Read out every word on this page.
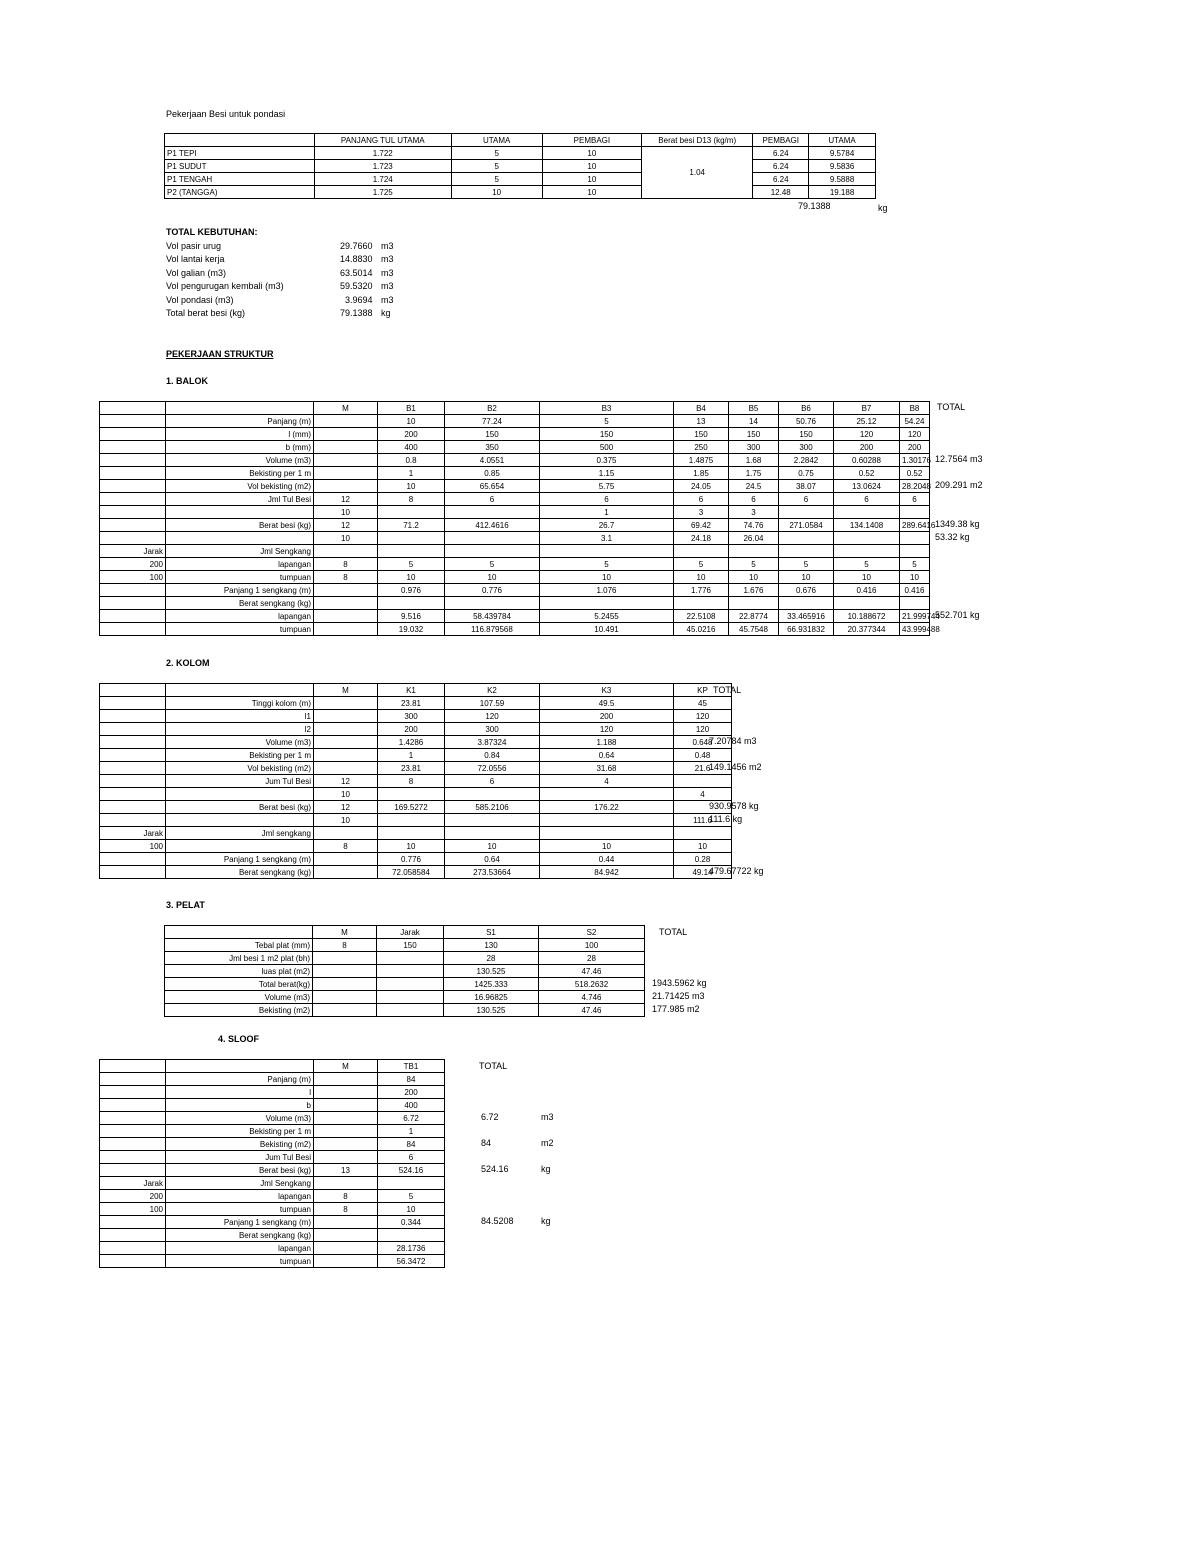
Pekerjaan Besi untuk pondasi
	PANJANG TUL UTAMA	UTAMA	PEMBAGI	Berat besi D13 (kg/m)	PEMBAGI	UTAMA
P1 TEPI	1.722	5	10	1.04	6.24	9.5784
P1 SUDUT	1.723	5	10		6.24	9.5836
P1 TENGAH	1.724	5	10		6.24	9.5888
P2 (TANGGA)	1.725	10	10		12.48	19.188
79.1388	kg
TOTAL KEBUTUHAN:
Vol pasir urug	29.7660 m3
Vol lantai kerja	14.8830 m3
Vol galian (m3)	63.5014 m3
Vol pengurugan kembali (m3)	59.5320 m3
Vol pondasi (m3)	3.9694 m3
Total berat besi (kg)	79.1388 kg
PEKERJAAN STRUKTUR
1. BALOK
		M	B1	B2	B3	B4	B5	B6	B7	B8
	Panjang (m)		10	77.24	5	13	14	50.76	25.12	54.24
	l (mm)		200	150	150	150	150	150	120	120
	b (mm)		400	350	500	250	300	300	200	200
	Volume (m3)		0.8	4.0551	0.375	1.4875	1.68	2.2842	0.60288	1.30176
	Bekisting per 1 m		1	0.85	1.15	1.85	1.75	0.75	0.52	0.52
	Vol bekisting (m2)		10	65.654	5.75	24.05	24.5	38.07	13.0624	28.2048
	Jml Tul Besi	12	8	6	6	6	6	6	6	6
		10			1	3	3			
	Berat besi (kg)	12	71.2	412.4616	26.7	69.42	74.76	271.0584	134.1408	289.6416
		10			3.1	24.18	26.04			
Jarak	Jml Sengkang									
200	lapangan	8	5	5	5	5	5	5	5	5
100	tumpuan	8	10	10	10	10	10	10	10	10
	Panjang 1 sengkang (m)		0.976	0.776	1.076	1.776	1.676	0.676	0.416	0.416
	Berat sengkang (kg)									
	lapangan		9.516	58.439784	5.2455	22.5108	22.8774	33.465916	10.188672	21.999744
	tumpuan		19.032	116.879568	10.491	45.0216	45.7548	66.931832	20.377344	43.999488
TOTAL
12.7564 m3
209.291 m2
1349.38 kg
53.32 kg
552.701 kg
2. KOLOM
		M	K1	K2	K3	KP
	Tinggi kolom (m)		23.81	107.59	49.5	45
	l1		300	120	200	120
	l2		200	300	120	120
	Volume (m3)		1.4286	3.87324	1.188	0.648
	Bekisting per 1 m		1	0.84	0.64	0.48
	Vol bekisting (m2)		23.81	72.0556	31.68	21.6
	Jum Tul Besi	12	8	6	4	
		10				4
	Berat besi (kg)	12	169.5272	585.2106	176.22	
		10				111.6
Jarak	Jml sengkang					
100		8	10	10	10	10
	Panjang 1 sengkang (m)		0.776	0.64	0.44	0.28
	Berat sengkang (kg)		72.058584	273.53664	84.942	49.14
TOTAL
7.20784 m3
149.1456 m2
930.9578 kg
111.6 kg
479.67722 kg
3. PELAT
	M	Jarak	S1	S2
Tebal plat (mm)	8	150	130	100
Jml besi 1 m2 plat (bh)			28	28
luas plat (m2)			130.525	47.46
Total berat(kg)			1425.333	518.2632
Volume (m3)			16.96825	4.746
Bekisting (m2)			130.525	47.46
TOTAL
1943.5962 kg
21.71425 m3
177.985 m2
4. SLOOF
		M	TB1
	Panjang (m)		84
	l		200
	b		400
	Volume (m3)		6.72
	Bekisting per 1 m		1
	Bekisting (m2)		84
	Jum Tul Besi		6
	Berat besi (kg)	13	524.16
Jarak	Jml Sengkang		
200	lapangan	8	5
100	tumpuan	8	10
	Panjang 1 sengkang (m)		0.344
	Berat sengkang (kg)		
	lapangan		28.1736
	tumpuan		56.3472
TOTAL
6.72	m3
84	m2
524.16	kg
84.5208	kg
